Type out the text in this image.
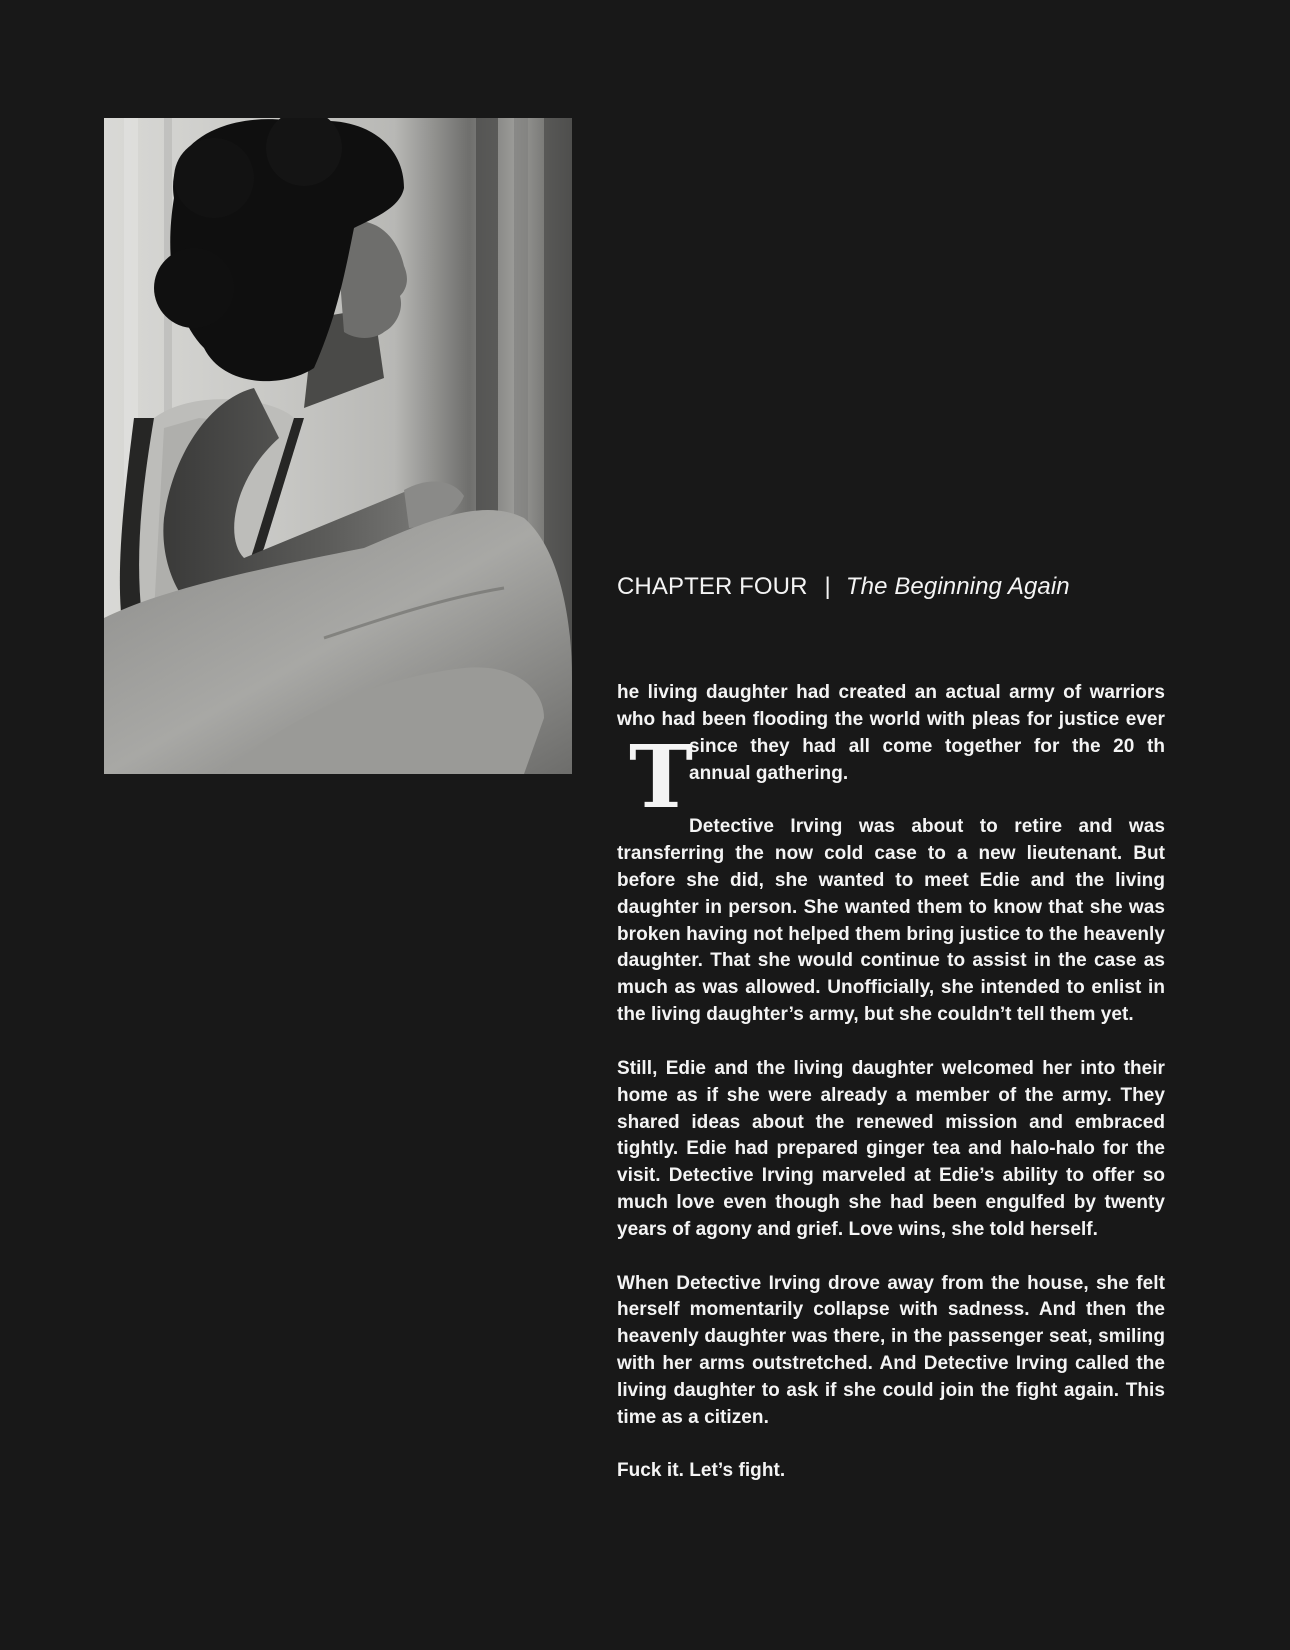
CHAPTER FOUR | The Beginning Again

T
he living daughter had created an actual army of warriors who had been flooding the world with pleas for justice ever since they had all come together for the 20 th annual gathering.

Detective Irving was about to retire and was transferring the now cold case to a new lieutenant. But before she did, she wanted to meet Edie and the living daughter in person. She wanted them to know that she was broken having not helped them bring justice to the heavenly daughter. That she would continue to assist in the case as much as was allowed. Unofficially, she intended to enlist in the living daughter’s army, but she couldn’t tell them yet.

Still, Edie and the living daughter welcomed her into their home as if she were already a member of the army. They shared ideas about the renewed mission and embraced tightly. Edie had prepared ginger tea and halo-halo for the visit. Detective Irving marveled at Edie’s ability to offer so much love even though she had been engulfed by twenty years of agony and grief. Love wins, she told herself.

When Detective Irving drove away from the house, she felt herself momentarily collapse with sadness. And then the heavenly daughter was there, in the passenger seat, smiling with her arms outstretched. And Detective Irving called the living daughter to ask if she could join the fight again. This time as a citizen.

Fuck it. Let’s fight.
